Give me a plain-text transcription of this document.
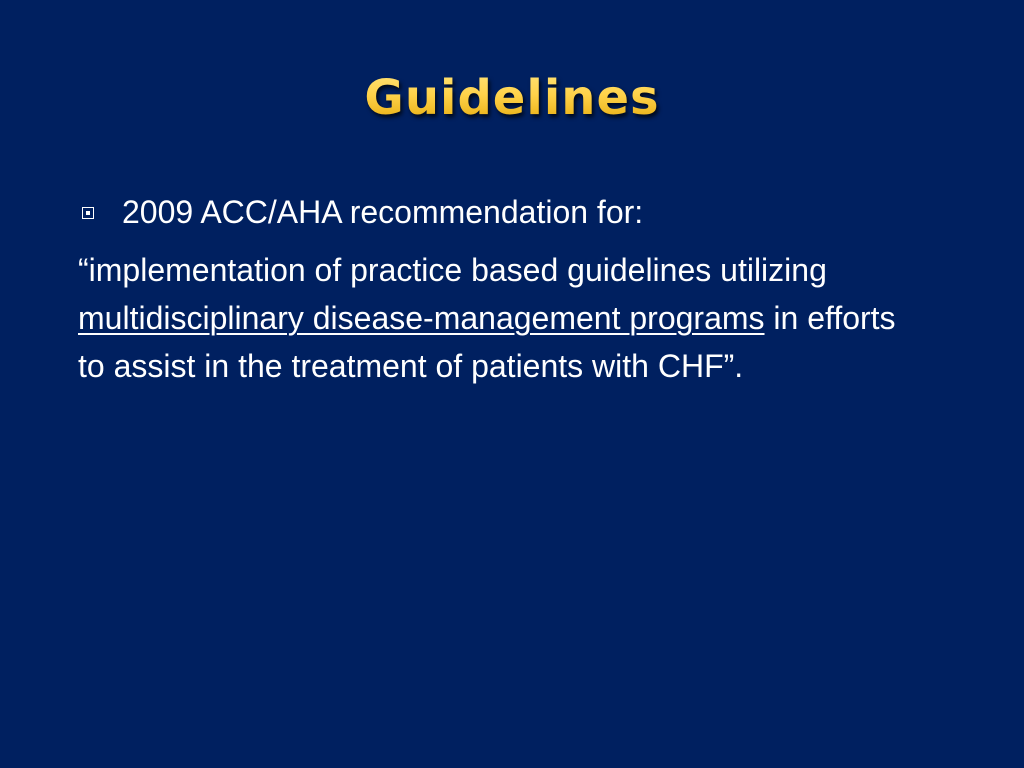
Guidelines
2009 ACC/AHA recommendation for:
“implementation of practice based guidelines utilizing multidisciplinary disease-management programs in efforts to assist in the treatment of patients with CHF”.
